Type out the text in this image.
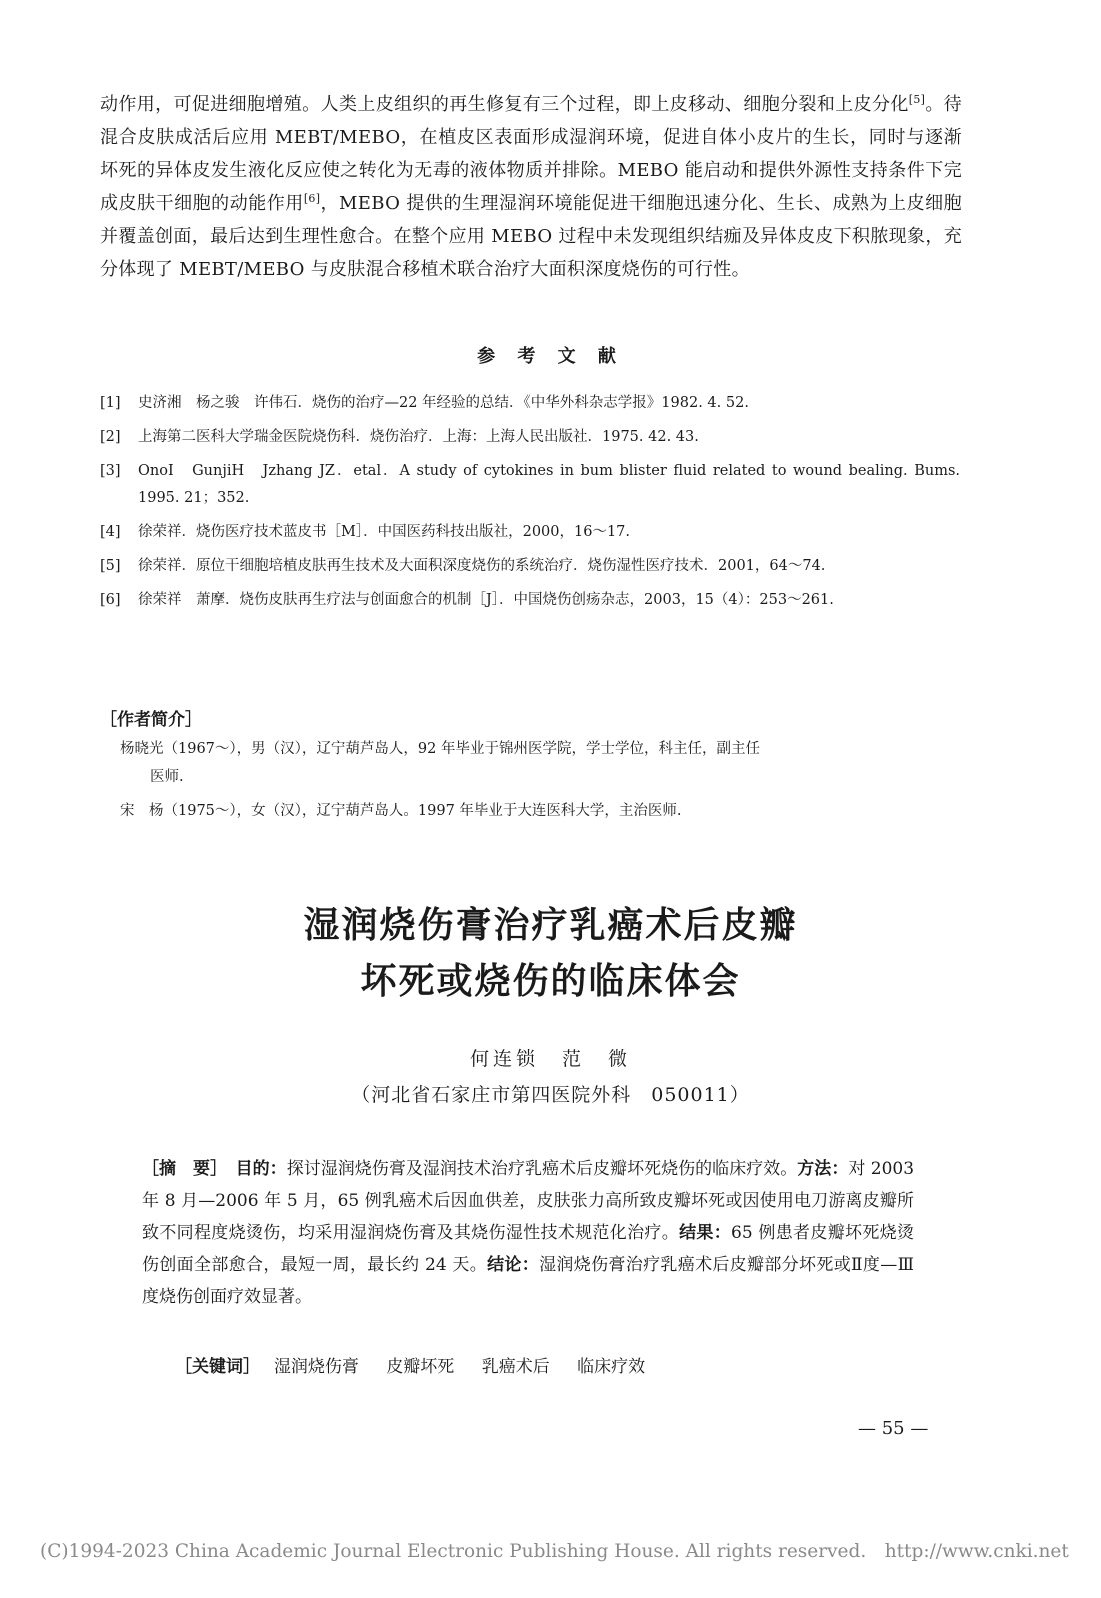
动作用，可促进细胞增殖。人类上皮组织的再生修复有三个过程，即上皮移动、细胞分裂和上皮分化[5]。待混合皮肤成活后应用 MEBT/MEBO，在植皮区表面形成湿润环境，促进自体小皮片的生长，同时与逐渐坏死的异体皮发生液化反应使之转化为无毒的液体物质并排除。MEBO 能启动和提供外源性支持条件下完成皮肤干细胞的动能作用[6]，MEBO 提供的生理湿润环境能促进干细胞迅速分化、生长、成熟为上皮细胞并覆盖创面，最后达到生理性愈合。在整个应用 MEBO 过程中未发现组织结痂及异体皮皮下积脓现象，充分体现了 MEBT/MEBO 与皮肤混合移植术联合治疗大面积深度烧伤的可行性。

参 考 文 献
[1] 史济湘　杨之骏　许伟石．烧伤的治疗—22 年经验的总结．《中华外科杂志学报》1982. 4. 52.
[2] 上海第二医科大学瑞金医院烧伤科．烧伤治疗．上海：上海人民出版社．1975. 42. 43.
[3] OnoI　GunjiH　Jzhang JZ．etal．A study of cytokines in bum blister fluid related to wound bealing. Bums. 1995. 21；352.
[4] 徐荣祥．烧伤医疗技术蓝皮书［M］．中国医药科技出版社，2000，16～17.
[5] 徐荣祥．原位干细胞培植皮肤再生技术及大面积深度烧伤的系统治疗．烧伤湿性医疗技术．2001，64～74.
[6] 徐荣祥　萧摩．烧伤皮肤再生疗法与创面愈合的机制［J］．中国烧伤创疡杂志，2003，15（4）：253～261.
［作者简介］
杨晓光（1967～），男（汉），辽宁葫芦岛人，92 年毕业于锦州医学院，学士学位，科主任，副主任
医师.
宋　杨（1975～），女（汉），辽宁葫芦岛人。1997 年毕业于大连医科大学，主治医师.
湿润烧伤膏治疗乳癌术后皮瓣
坏死或烧伤的临床体会
何连锁　范　微
（河北省石家庄市第四医院外科　050011）

［摘　要］　 目的：探讨湿润烧伤膏及湿润技术治疗乳癌术后皮瓣坏死烧伤的临床疗效。方法：对 2003 年 8 月—2006 年 5 月，65 例乳癌术后因血供差，皮肤张力高所致皮瓣坏死或因使用电刀游离皮瓣所致不同程度烧烫伤，均采用湿润烧伤膏及其烧伤湿性技术规范化治疗。结果：65 例患者皮瓣坏死烧烫伤创面全部愈合，最短一周，最长约 24 天。结论：湿润烧伤膏治疗乳癌术后皮瓣部分坏死或Ⅱ度—Ⅲ度烧伤创面疗效显著。

［关键词］　 湿润烧伤膏 皮瓣坏死 乳癌术后 临床疗效
— 55 —
(C)1994-2023 China Academic Journal Electronic Publishing House. All rights reserved.　http://www.cnki.net
